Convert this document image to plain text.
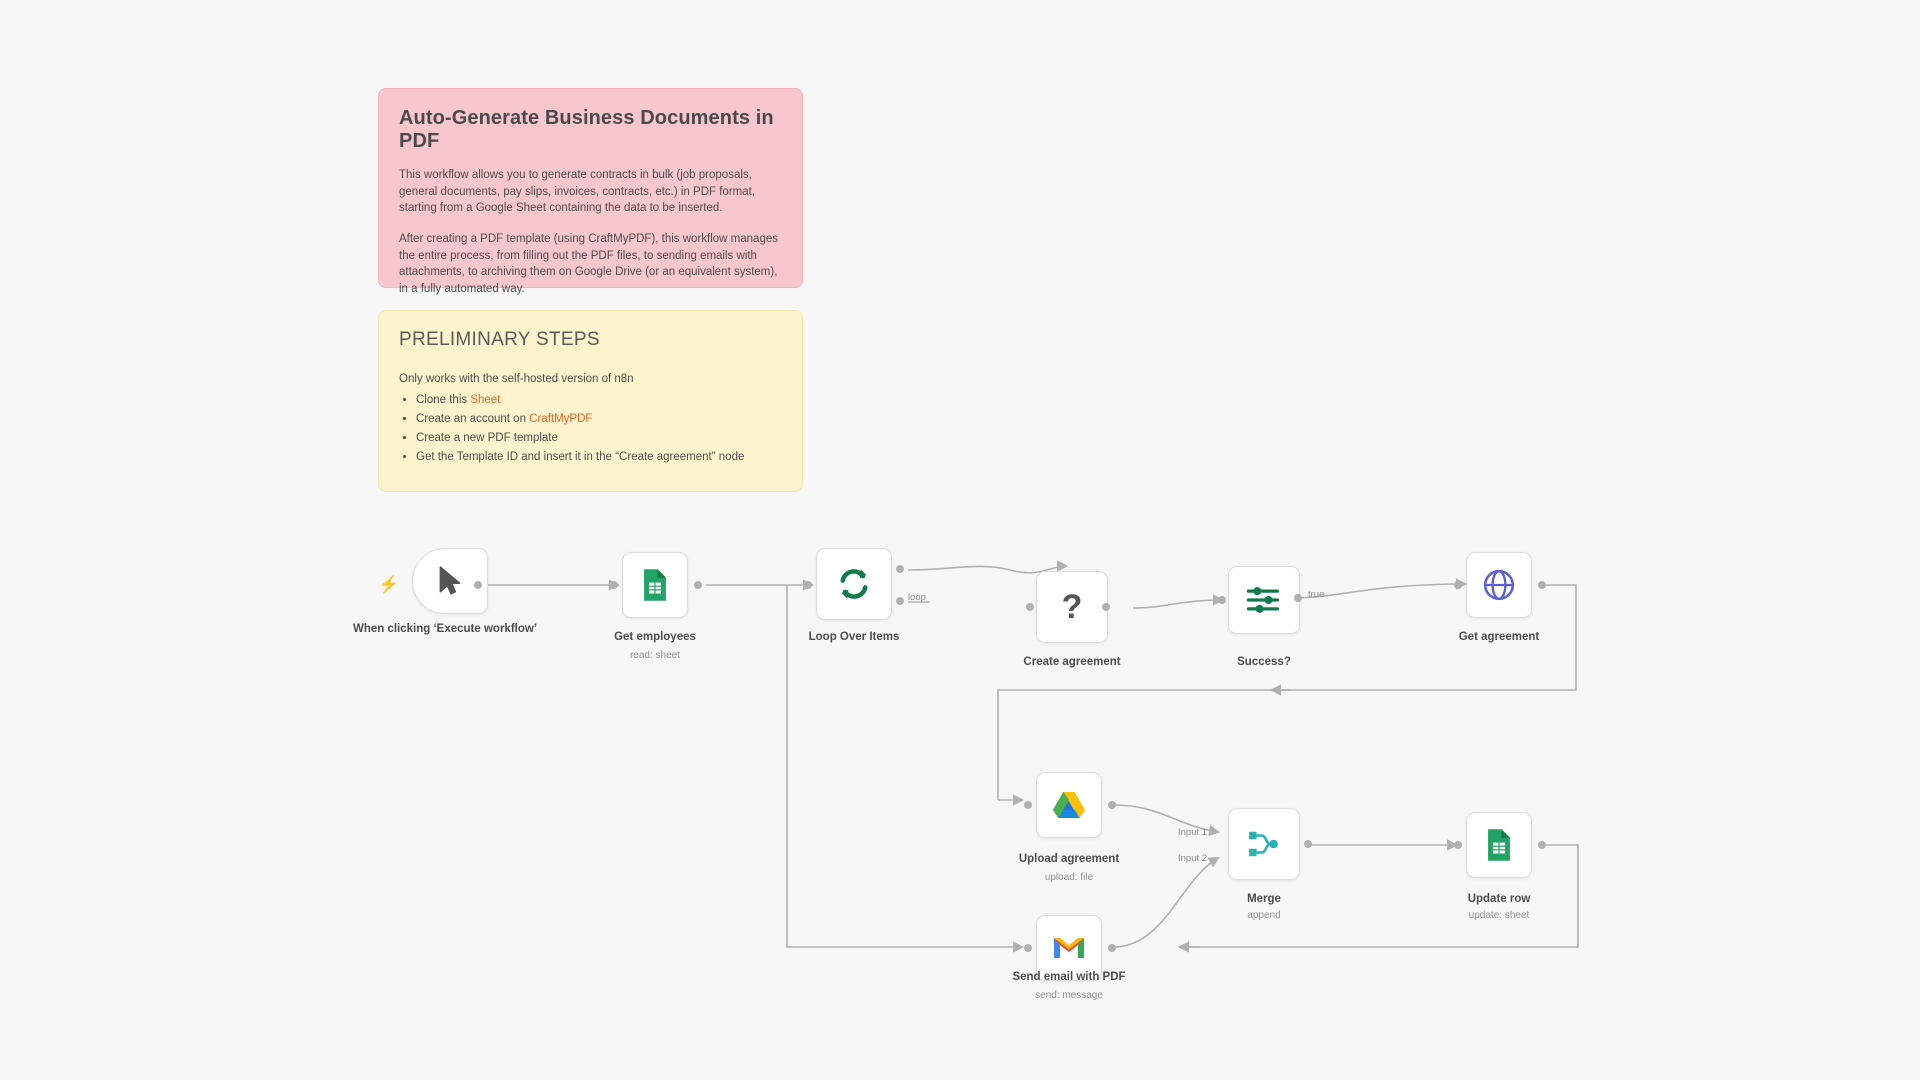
Auto-Generate Business Documents in PDF

This workflow allows you to generate contracts in bulk (job proposals, general documents, pay slips, invoices, contracts, etc.) in PDF format, starting from a Google Sheet containing the data to be inserted.

After creating a PDF template (using CraftMyPDF), this workflow manages the entire process, from filling out the PDF files, to sending emails with attachments, to archiving them on Google Drive (or an equivalent system), in a fully automated way.

PRELIMINARY STEPS
Only works with the self-hosted version of n8n
• Clone this Sheet
• Create an account on CraftMyPDF
• Create a new PDF template
• Get the Template ID and insert it in the “Create agreement” node
⚡
When clicking ‘Execute workflow’
Get employees
read: sheet
Loop Over Items
loop	?
Create agreement	Success?
true
Get agreement
Upload agreement
upload: file
Merge
append
Input 1
Input 2
Update row
update: sheet
Send email with PDF
send: message
